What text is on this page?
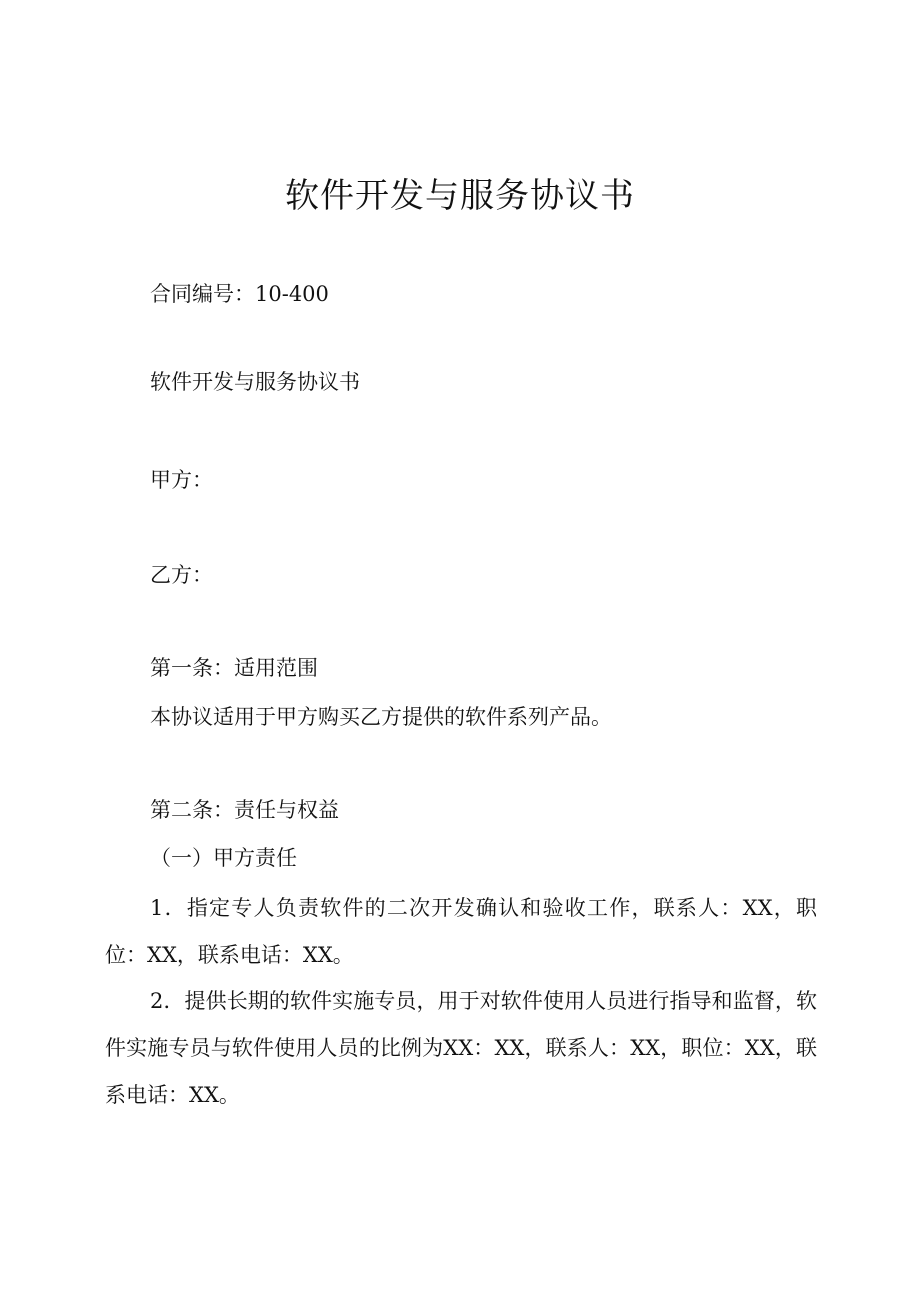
软件开发与服务协议书
合同编号：10-400
软件开发与服务协议书
甲方：
乙方：
第一条：适用范围
本协议适用于甲方购买乙方提供的软件系列产品。
第二条：责任与权益
（一）甲方责任
1．指定专人负责软件的二次开发确认和验收工作，联系人：XX，职位：XX，联系电话：XX。
2．提供长期的软件实施专员，用于对软件使用人员进行指导和监督，软件实施专员与软件使用人员的比例为XX：XX，联系人：XX，职位：XX，联系电话：XX。
